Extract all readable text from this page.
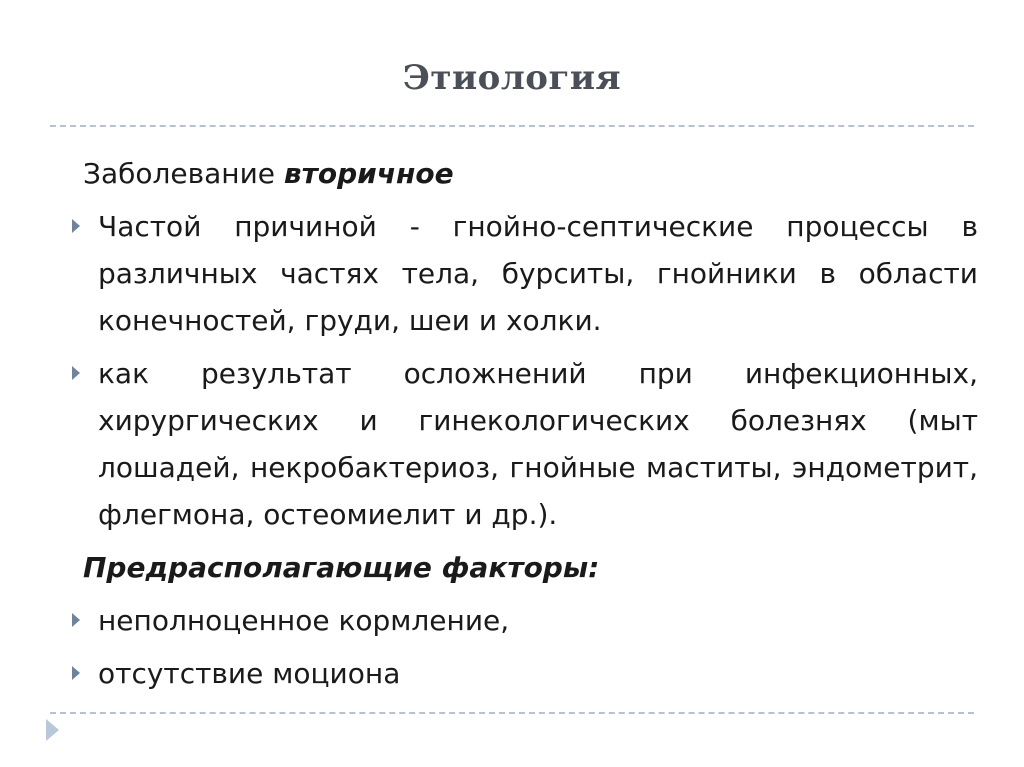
Этиология
Заболевание вторичное
Частой причиной - гнойно-септические процессы в различных частях тела, бурситы, гнойники в области конечностей, груди, шеи и холки.
как результат осложнений при инфекционных, хирургических и гинекологических болезнях (мыт лошадей, некробактериоз, гнойные маститы, эндометрит, флегмона, остеомиелит и др.).
Предрасполагающие факторы:
неполноценное кормление,
отсутствие моциона
